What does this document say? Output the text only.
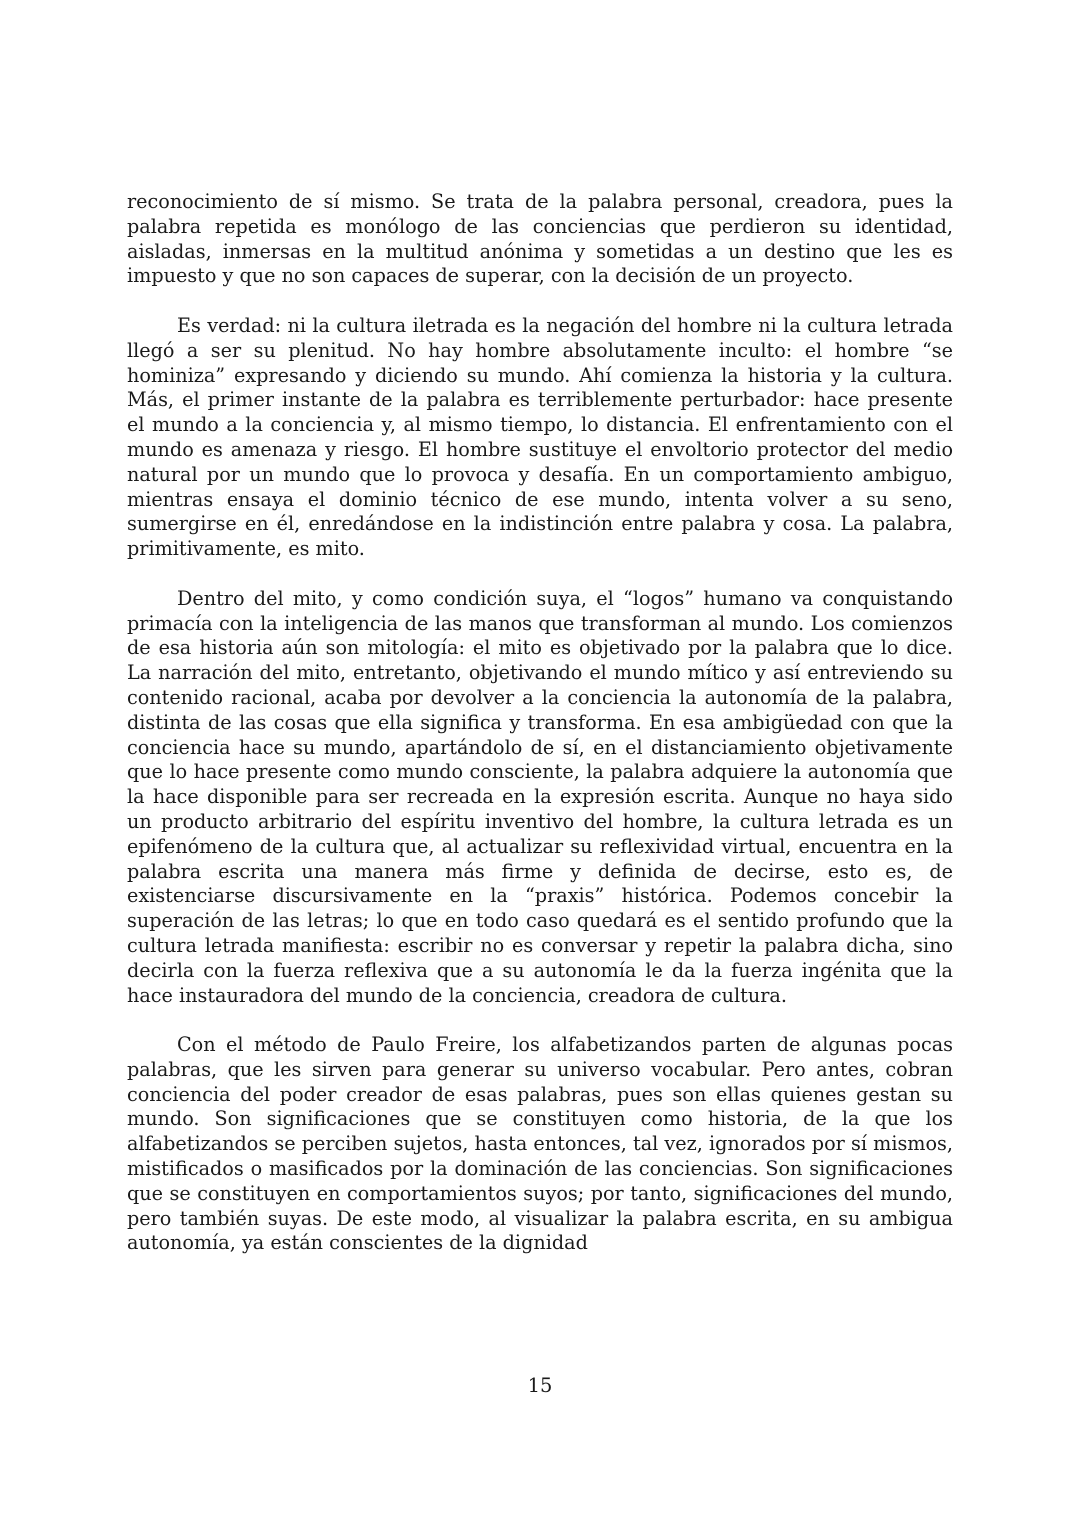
reconocimiento de sí mismo. Se trata de la palabra personal, creadora, pues la palabra repetida es monólogo de las conciencias que perdieron su identidad, aisladas, inmersas en la multitud anónima y sometidas a un destino que les es impuesto y que no son capaces de superar, con la decisión de un proyecto.

Es verdad: ni la cultura iletrada es la negación del hombre ni la cultura letrada llegó a ser su plenitud. No hay hombre absolutamente inculto: el hombre “se hominiza” expresando y diciendo su mundo. Ahí comienza la historia y la cultura. Más, el primer instante de la palabra es terriblemente perturbador: hace presente el mundo a la conciencia y, al mismo tiempo, lo distancia. El enfrentamiento con el mundo es amenaza y riesgo. El hombre sustituye el envoltorio protector del medio natural por un mundo que lo provoca y desafía. En un comportamiento ambiguo, mientras ensaya el dominio técnico de ese mundo, intenta volver a su seno, sumergirse en él, enredándose en la indistinción entre palabra y cosa. La palabra, primitivamente, es mito.

Dentro del mito, y como condición suya, el “logos” humano va conquistando primacía con la inteligencia de las manos que transforman al mundo. Los comienzos de esa historia aún son mitología: el mito es objetivado por la palabra que lo dice. La narración del mito, entretanto, objetivando el mundo mítico y así entreviendo su contenido racional, acaba por devolver a la conciencia la autonomía de la palabra, distinta de las cosas que ella significa y transforma. En esa ambigüedad con que la conciencia hace su mundo, apartándolo de sí, en el distanciamiento objetivamente que lo hace presente como mundo consciente, la palabra adquiere la autonomía que la hace disponible para ser recreada en la expresión escrita. Aunque no haya sido un producto arbitrario del espíritu inventivo del hombre, la cultura letrada es un epifenómeno de la cultura que, al actualizar su reflexividad virtual, encuentra en la palabra escrita una manera más firme y definida de decirse, esto es, de existenciarse discursivamente en la “praxis” histórica. Podemos concebir la superación de las letras; lo que en todo caso quedará es el sentido profundo que la cultura letrada manifiesta: escribir no es conversar y repetir la palabra dicha, sino decirla con la fuerza reflexiva que a su autonomía le da la fuerza ingénita que la hace instauradora del mundo de la conciencia, creadora de cultura.

Con el método de Paulo Freire, los alfabetizandos parten de algunas pocas palabras, que les sirven para generar su universo vocabular. Pero antes, cobran conciencia del poder creador de esas palabras, pues son ellas quienes gestan su mundo. Son significaciones que se constituyen como historia, de la que los alfabetizandos se perciben sujetos, hasta entonces, tal vez, ignorados por sí mismos, mistificados o masificados por la dominación de las conciencias. Son significaciones que se constituyen en comportamientos suyos; por tanto, significaciones del mundo, pero también suyas. De este modo, al visualizar la palabra escrita, en su ambigua autonomía, ya están conscientes de la dignidad

15
